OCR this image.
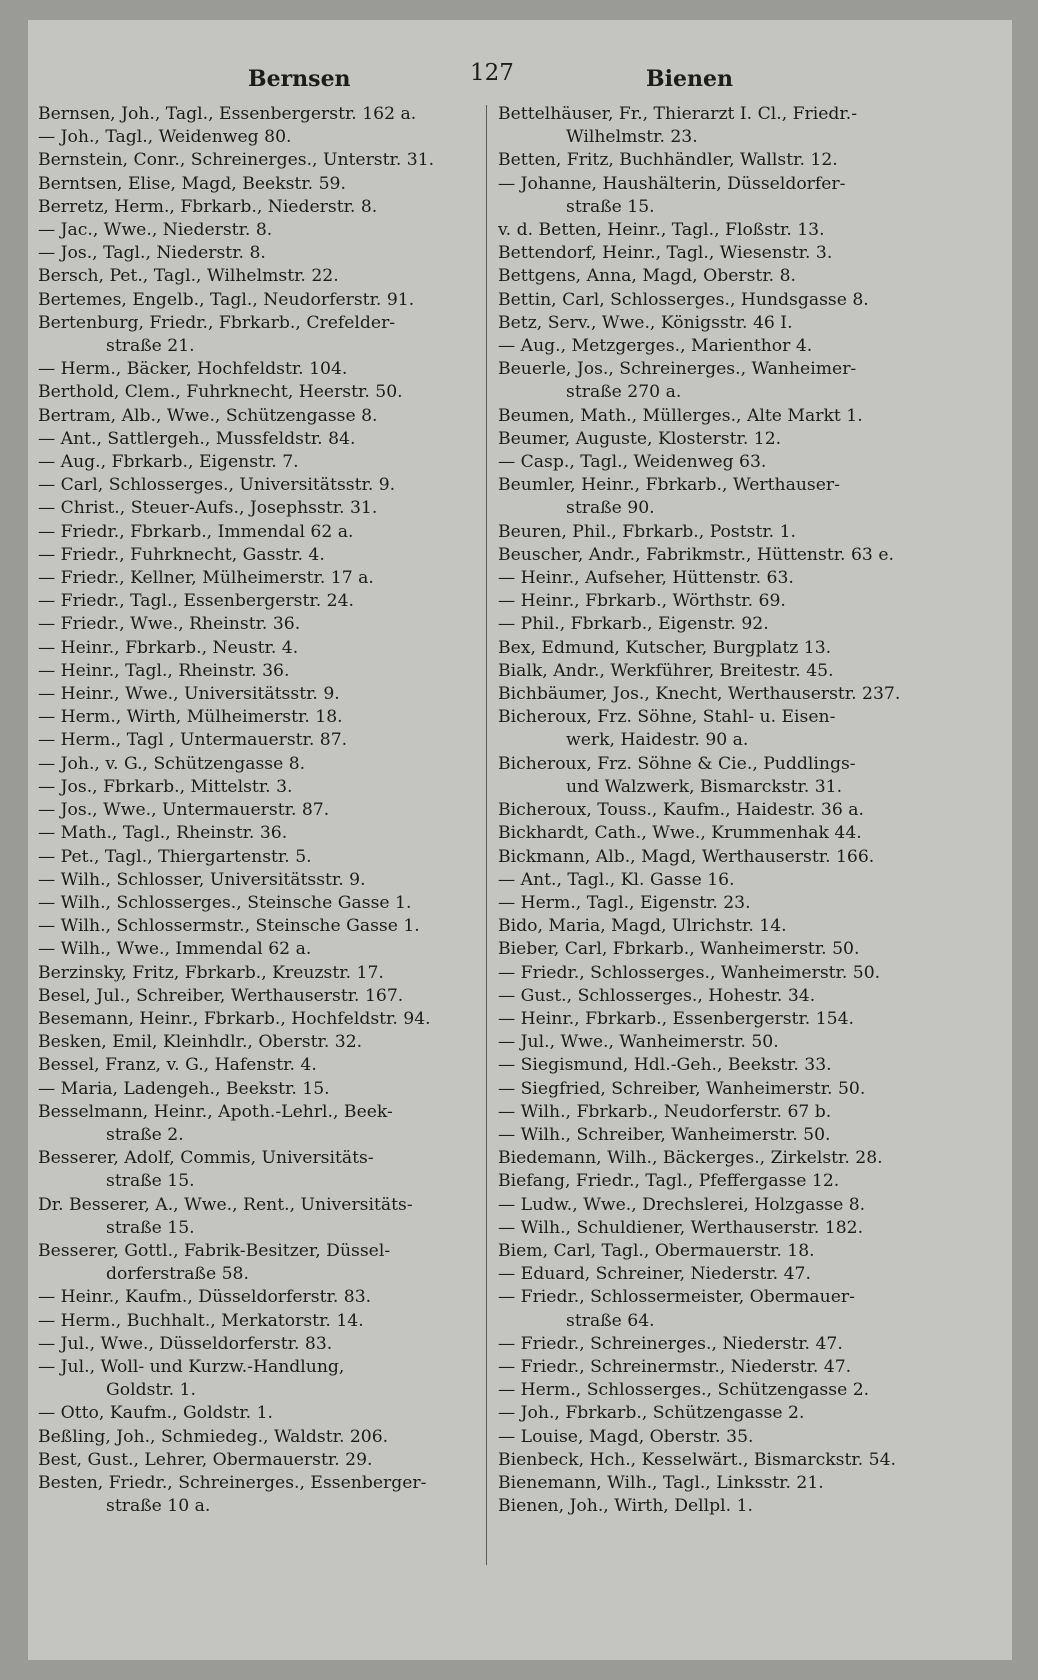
Bernsen	127	Bienen
Bernsen, Joh., Tagl., Essenbergerstr. 162 a.
— Joh., Tagl., Weidenweg 80.
Bernstein, Conr., Schreinerges., Unterstr. 31.
Berntsen, Elise, Magd, Beekstr. 59.
Berretz, Herm., Fbrkarb., Niederstr. 8.
— Jac., Wwe., Niederstr. 8.
— Jos., Tagl., Niederstr. 8.
Bersch, Pet., Tagl., Wilhelmstr. 22.
Bertemes, Engelb., Tagl., Neudorferstr. 91.
Bertenburg, Friedr., Fbrkarb., Crefelder-
straße 21.
— Herm., Bäcker, Hochfeldstr. 104.
Berthold, Clem., Fuhrknecht, Heerstr. 50.
Bertram, Alb., Wwe., Schützengasse 8.
— Ant., Sattlergeh., Mussfeldstr. 84.
— Aug., Fbrkarb., Eigenstr. 7.
— Carl, Schlosserges., Universitätsstr. 9.
— Christ., Steuer-Aufs., Josephsstr. 31.
— Friedr., Fbrkarb., Immendal 62 a.
— Friedr., Fuhrknecht, Gasstr. 4.
— Friedr., Kellner, Mülheimerstr. 17 a.
— Friedr., Tagl., Essenbergerstr. 24.
— Friedr., Wwe., Rheinstr. 36.
— Heinr., Fbrkarb., Neustr. 4.
— Heinr., Tagl., Rheinstr. 36.
— Heinr., Wwe., Universitätsstr. 9.
— Herm., Wirth, Mülheimerstr. 18.
— Herm., Tagl , Untermauerstr. 87.
— Joh., v. G., Schützengasse 8.
— Jos., Fbrkarb., Mittelstr. 3.
— Jos., Wwe., Untermauerstr. 87.
— Math., Tagl., Rheinstr. 36.
— Pet., Tagl., Thiergartenstr. 5.
— Wilh., Schlosser, Universitätsstr. 9.
— Wilh., Schlosserges., Steinsche Gasse 1.
— Wilh., Schlossermstr., Steinsche Gasse 1.
— Wilh., Wwe., Immendal 62 a.
Berzinsky, Fritz, Fbrkarb., Kreuzstr. 17.
Besel, Jul., Schreiber, Werthauserstr. 167.
Besemann, Heinr., Fbrkarb., Hochfeldstr. 94.
Besken, Emil, Kleinhdlr., Oberstr. 32.
Bessel, Franz, v. G., Hafenstr. 4.
— Maria, Ladengeh., Beekstr. 15.
Besselmann, Heinr., Apoth.-Lehrl., Beek-
straße 2.
Besserer, Adolf, Commis, Universitäts-
straße 15.
Dr. Besserer, A., Wwe., Rent., Universitäts-
straße 15.
Besserer, Gottl., Fabrik-Besitzer, Düssel-
dorferstraße 58.
— Heinr., Kaufm., Düsseldorferstr. 83.
— Herm., Buchhalt., Merkatorstr. 14.
— Jul., Wwe., Düsseldorferstr. 83.
— Jul., Woll- und Kurzw.-Handlung,
Goldstr. 1.
— Otto, Kaufm., Goldstr. 1.
Beßling, Joh., Schmiedeg., Waldstr. 206.
Best, Gust., Lehrer, Obermauerstr. 29.
Besten, Friedr., Schreinerges., Essenberger-
straße 10 a.
Bettelhäuser, Fr., Thierarzt I. Cl., Friedr.-
Wilhelmstr. 23.
Betten, Fritz, Buchhändler, Wallstr. 12.
— Johanne, Haushälterin, Düsseldorfer-
straße 15.
v. d. Betten, Heinr., Tagl., Floßstr. 13.
Bettendorf, Heinr., Tagl., Wiesenstr. 3.
Bettgens, Anna, Magd, Oberstr. 8.
Bettin, Carl, Schlosserges., Hundsgasse 8.
Betz, Serv., Wwe., Königsstr. 46 I.
— Aug., Metzgerges., Marienthor 4.
Beuerle, Jos., Schreinerges., Wanheimer-
straße 270 a.
Beumen, Math., Müllerges., Alte Markt 1.
Beumer, Auguste, Klosterstr. 12.
— Casp., Tagl., Weidenweg 63.
Beumler, Heinr., Fbrkarb., Werthauser-
straße 90.
Beuren, Phil., Fbrkarb., Poststr. 1.
Beuscher, Andr., Fabrikmstr., Hüttenstr. 63 e.
— Heinr., Aufseher, Hüttenstr. 63.
— Heinr., Fbrkarb., Wörthstr. 69.
— Phil., Fbrkarb., Eigenstr. 92.
Bex, Edmund, Kutscher, Burgplatz 13.
Bialk, Andr., Werkführer, Breitestr. 45.
Bichbäumer, Jos., Knecht, Werthauserstr. 237.
Bicheroux, Frz. Söhne, Stahl- u. Eisen-
werk, Haidestr. 90 a.
Bicheroux, Frz. Söhne & Cie., Puddlings-
und Walzwerk, Bismarckstr. 31.
Bicheroux, Touss., Kaufm., Haidestr. 36 a.
Bickhardt, Cath., Wwe., Krummenhak 44.
Bickmann, Alb., Magd, Werthauserstr. 166.
— Ant., Tagl., Kl. Gasse 16.
— Herm., Tagl., Eigenstr. 23.
Bido, Maria, Magd, Ulrichstr. 14.
Bieber, Carl, Fbrkarb., Wanheimerstr. 50.
— Friedr., Schlosserges., Wanheimerstr. 50.
— Gust., Schlosserges., Hohestr. 34.
— Heinr., Fbrkarb., Essenbergerstr. 154.
— Jul., Wwe., Wanheimerstr. 50.
— Siegismund, Hdl.-Geh., Beekstr. 33.
— Siegfried, Schreiber, Wanheimerstr. 50.
— Wilh., Fbrkarb., Neudorferstr. 67 b.
— Wilh., Schreiber, Wanheimerstr. 50.
Biedemann, Wilh., Bäckerges., Zirkelstr. 28.
Biefang, Friedr., Tagl., Pfeffergasse 12.
— Ludw., Wwe., Drechslerei, Holzgasse 8.
— Wilh., Schuldiener, Werthauserstr. 182.
Biem, Carl, Tagl., Obermauerstr. 18.
— Eduard, Schreiner, Niederstr. 47.
— Friedr., Schlossermeister, Obermauer-
straße 64.
— Friedr., Schreinerges., Niederstr. 47.
— Friedr., Schreinermstr., Niederstr. 47.
— Herm., Schlosserges., Schützengasse 2.
— Joh., Fbrkarb., Schützengasse 2.
— Louise, Magd, Oberstr. 35.
Bienbeck, Hch., Kesselwärt., Bismarckstr. 54.
Bienemann, Wilh., Tagl., Linksstr. 21.
Bienen, Joh., Wirth, Dellpl. 1.
